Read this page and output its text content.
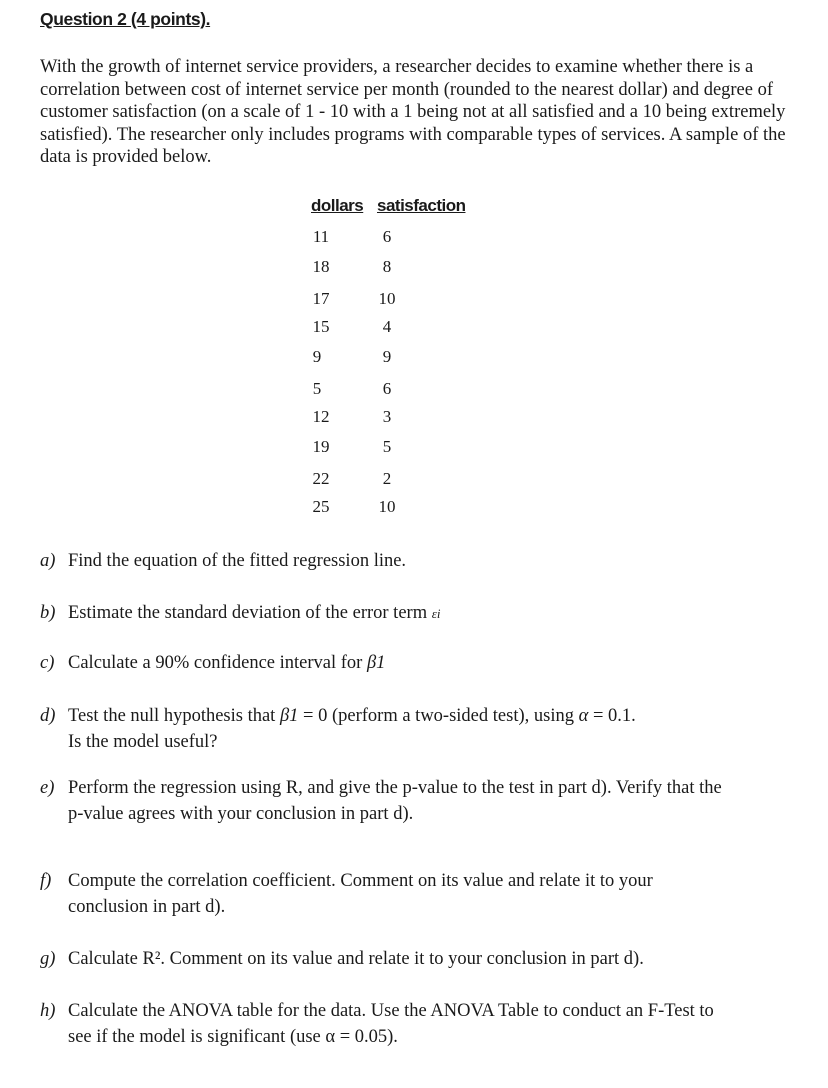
Question 2 (4 points).
With the growth of internet service providers, a researcher decides to examine whether there is a correlation between cost of internet service per month (rounded to the nearest dollar) and degree of customer satisfaction (on a scale of 1 - 10 with a 1 being not at all satisfied and a 10 being extremely satisfied). The researcher only includes programs with comparable types of services. A sample of the data is provided below.
dollars satisfaction
11	6
18	8
17	10
15	4
9	9
5	6
12	3
19	5
22	2
25	10
a) Find the equation of the fitted regression line.
b) Estimate the standard deviation of the error term εi
c) Calculate a 90% confidence interval for β1
d) Test the null hypothesis that β1 = 0 (perform a two-sided test), using α = 0.1.
Is the model useful?
e) Perform the regression using R, and give the p-value to the test in part d). Verify that the
p-value agrees with your conclusion in part d).
f) Compute the correlation coefficient. Comment on its value and relate it to your
conclusion in part d).
g) Calculate R². Comment on its value and relate it to your conclusion in part d).
h) Calculate the ANOVA table for the data. Use the ANOVA Table to conduct an F-Test to
see if the model is significant (use α = 0.05).
